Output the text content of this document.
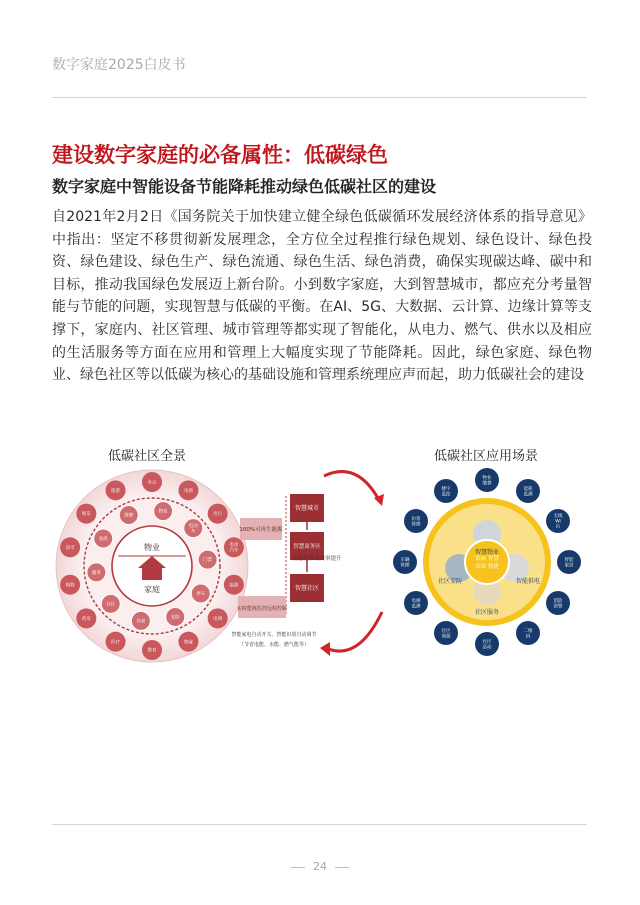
数字家庭2025白皮书
建设数字家庭的必备属性：低碳绿色
数字家庭中智能设备节能降耗推动绿色低碳社区的建设
自2021年2月2日《国务院关于加快建立健全绿色低碳循环发展经济体系的指导意见》中指出：坚定不移贯彻新发展理念，全方位全过程推行绿色规划、绿色设计、绿色投资、绿色建设、绿色生产、绿色流通、绿色生活、绿色消费，确保实现碳达峰、碳中和目标，推动我国绿色发展迈上新台阶。小到数字家庭，大到智慧城市，都应充分考量智能与节能的问题，实现智慧与低碳的平衡。在AI、5G、大数据、云计算、边缘计算等支撑下，家庭内、社区管理、城市管理等都实现了智能化，从电力、燃气、供水以及相应的生活服务等方面在应用和管理上大幅度实现了节能降耗。因此，绿色家庭、绿色物业、绿色社区等以低碳为核心的基础设施和管理系统理应声而起，助力低碳社会的建设
低碳社区全景	低碳社区应用场景
物业
家庭
办公
电商
出行
电动
汽车
能源
电网
物流
教育
医疗
药房
购物
超市
娱乐
旅游
物业
电动
车
门禁
停车
安防
养老
社区
服务
家政
维修
智慧城市
智慧商务区
智慧社区
100%可再生能源
低能耗联动效率提升
实时能耗监控远程控制
智能家电自动开关、智能识别自动调节
（节省电能、水能、燃气能等）
低碳 智慧
高效 便捷
智慧物业
社区安防	智能供电
社区服务
物业
缴费
能耗
监测
无线
Wi
Fi
智能
家居
消防
预警
二维
码
社区
活动
社区
商超
电梯
监测
车辆
管理
访客
管理
楼宇
监控
24
